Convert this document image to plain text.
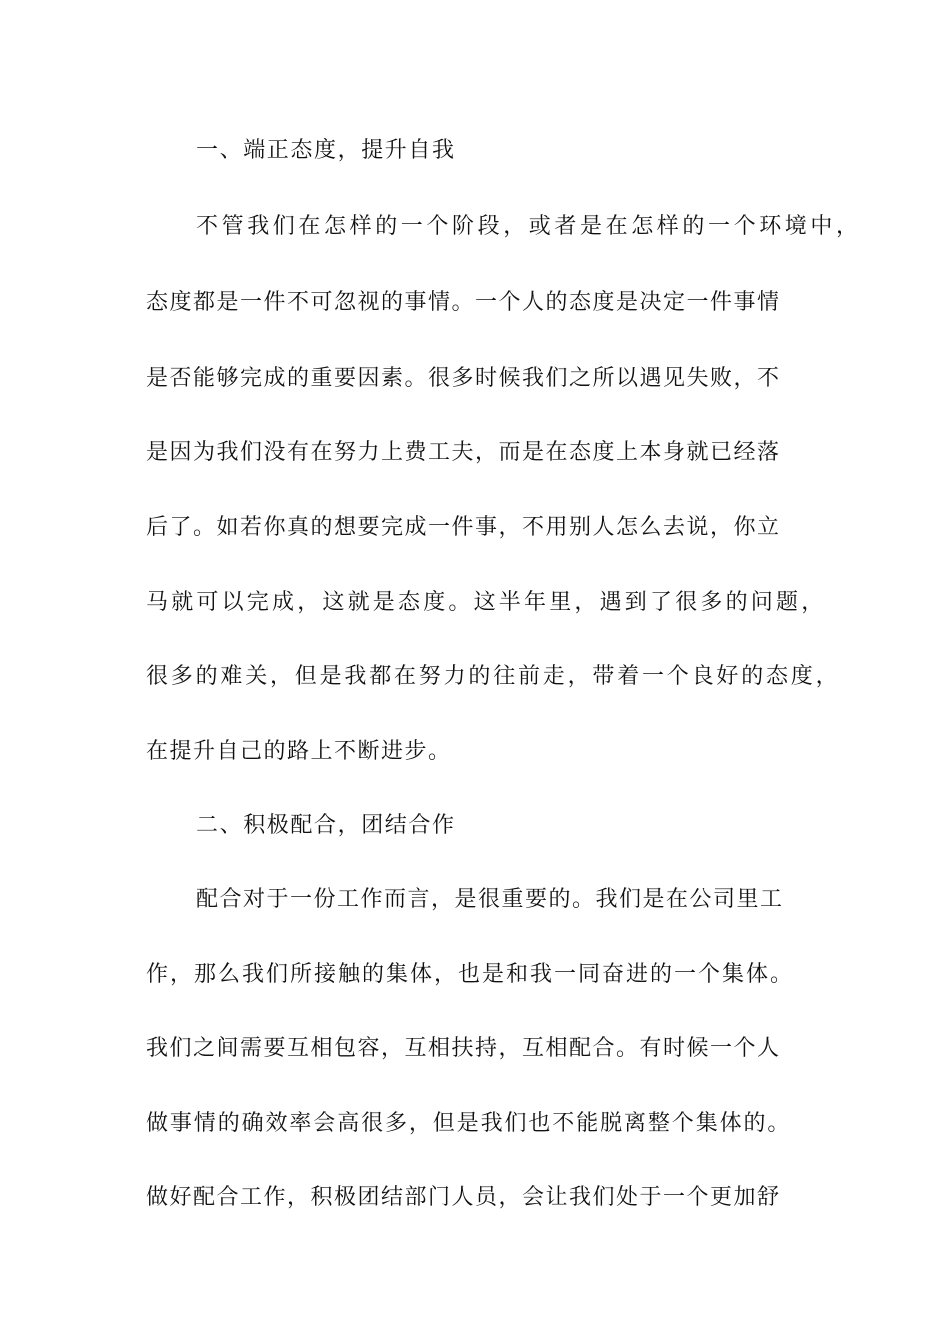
一、端正态度，提升自我
不管我们在怎样的一个阶段，或者是在怎样的一个环境中，
态度都是一件不可忽视的事情。一个人的态度是决定一件事情
是否能够完成的重要因素。很多时候我们之所以遇见失败，不
是因为我们没有在努力上费工夫，而是在态度上本身就已经落
后了。如若你真的想要完成一件事，不用别人怎么去说，你立
马就可以完成，这就是态度。这半年里，遇到了很多的问题，
很多的难关，但是我都在努力的往前走，带着一个良好的态度，
在提升自己的路上不断进步。
二、积极配合，团结合作
配合对于一份工作而言，是很重要的。我们是在公司里工
作，那么我们所接触的集体，也是和我一同奋进的一个集体。
我们之间需要互相包容，互相扶持，互相配合。有时候一个人
做事情的确效率会高很多，但是我们也不能脱离整个集体的。
做好配合工作，积极团结部门人员，会让我们处于一个更加舒
